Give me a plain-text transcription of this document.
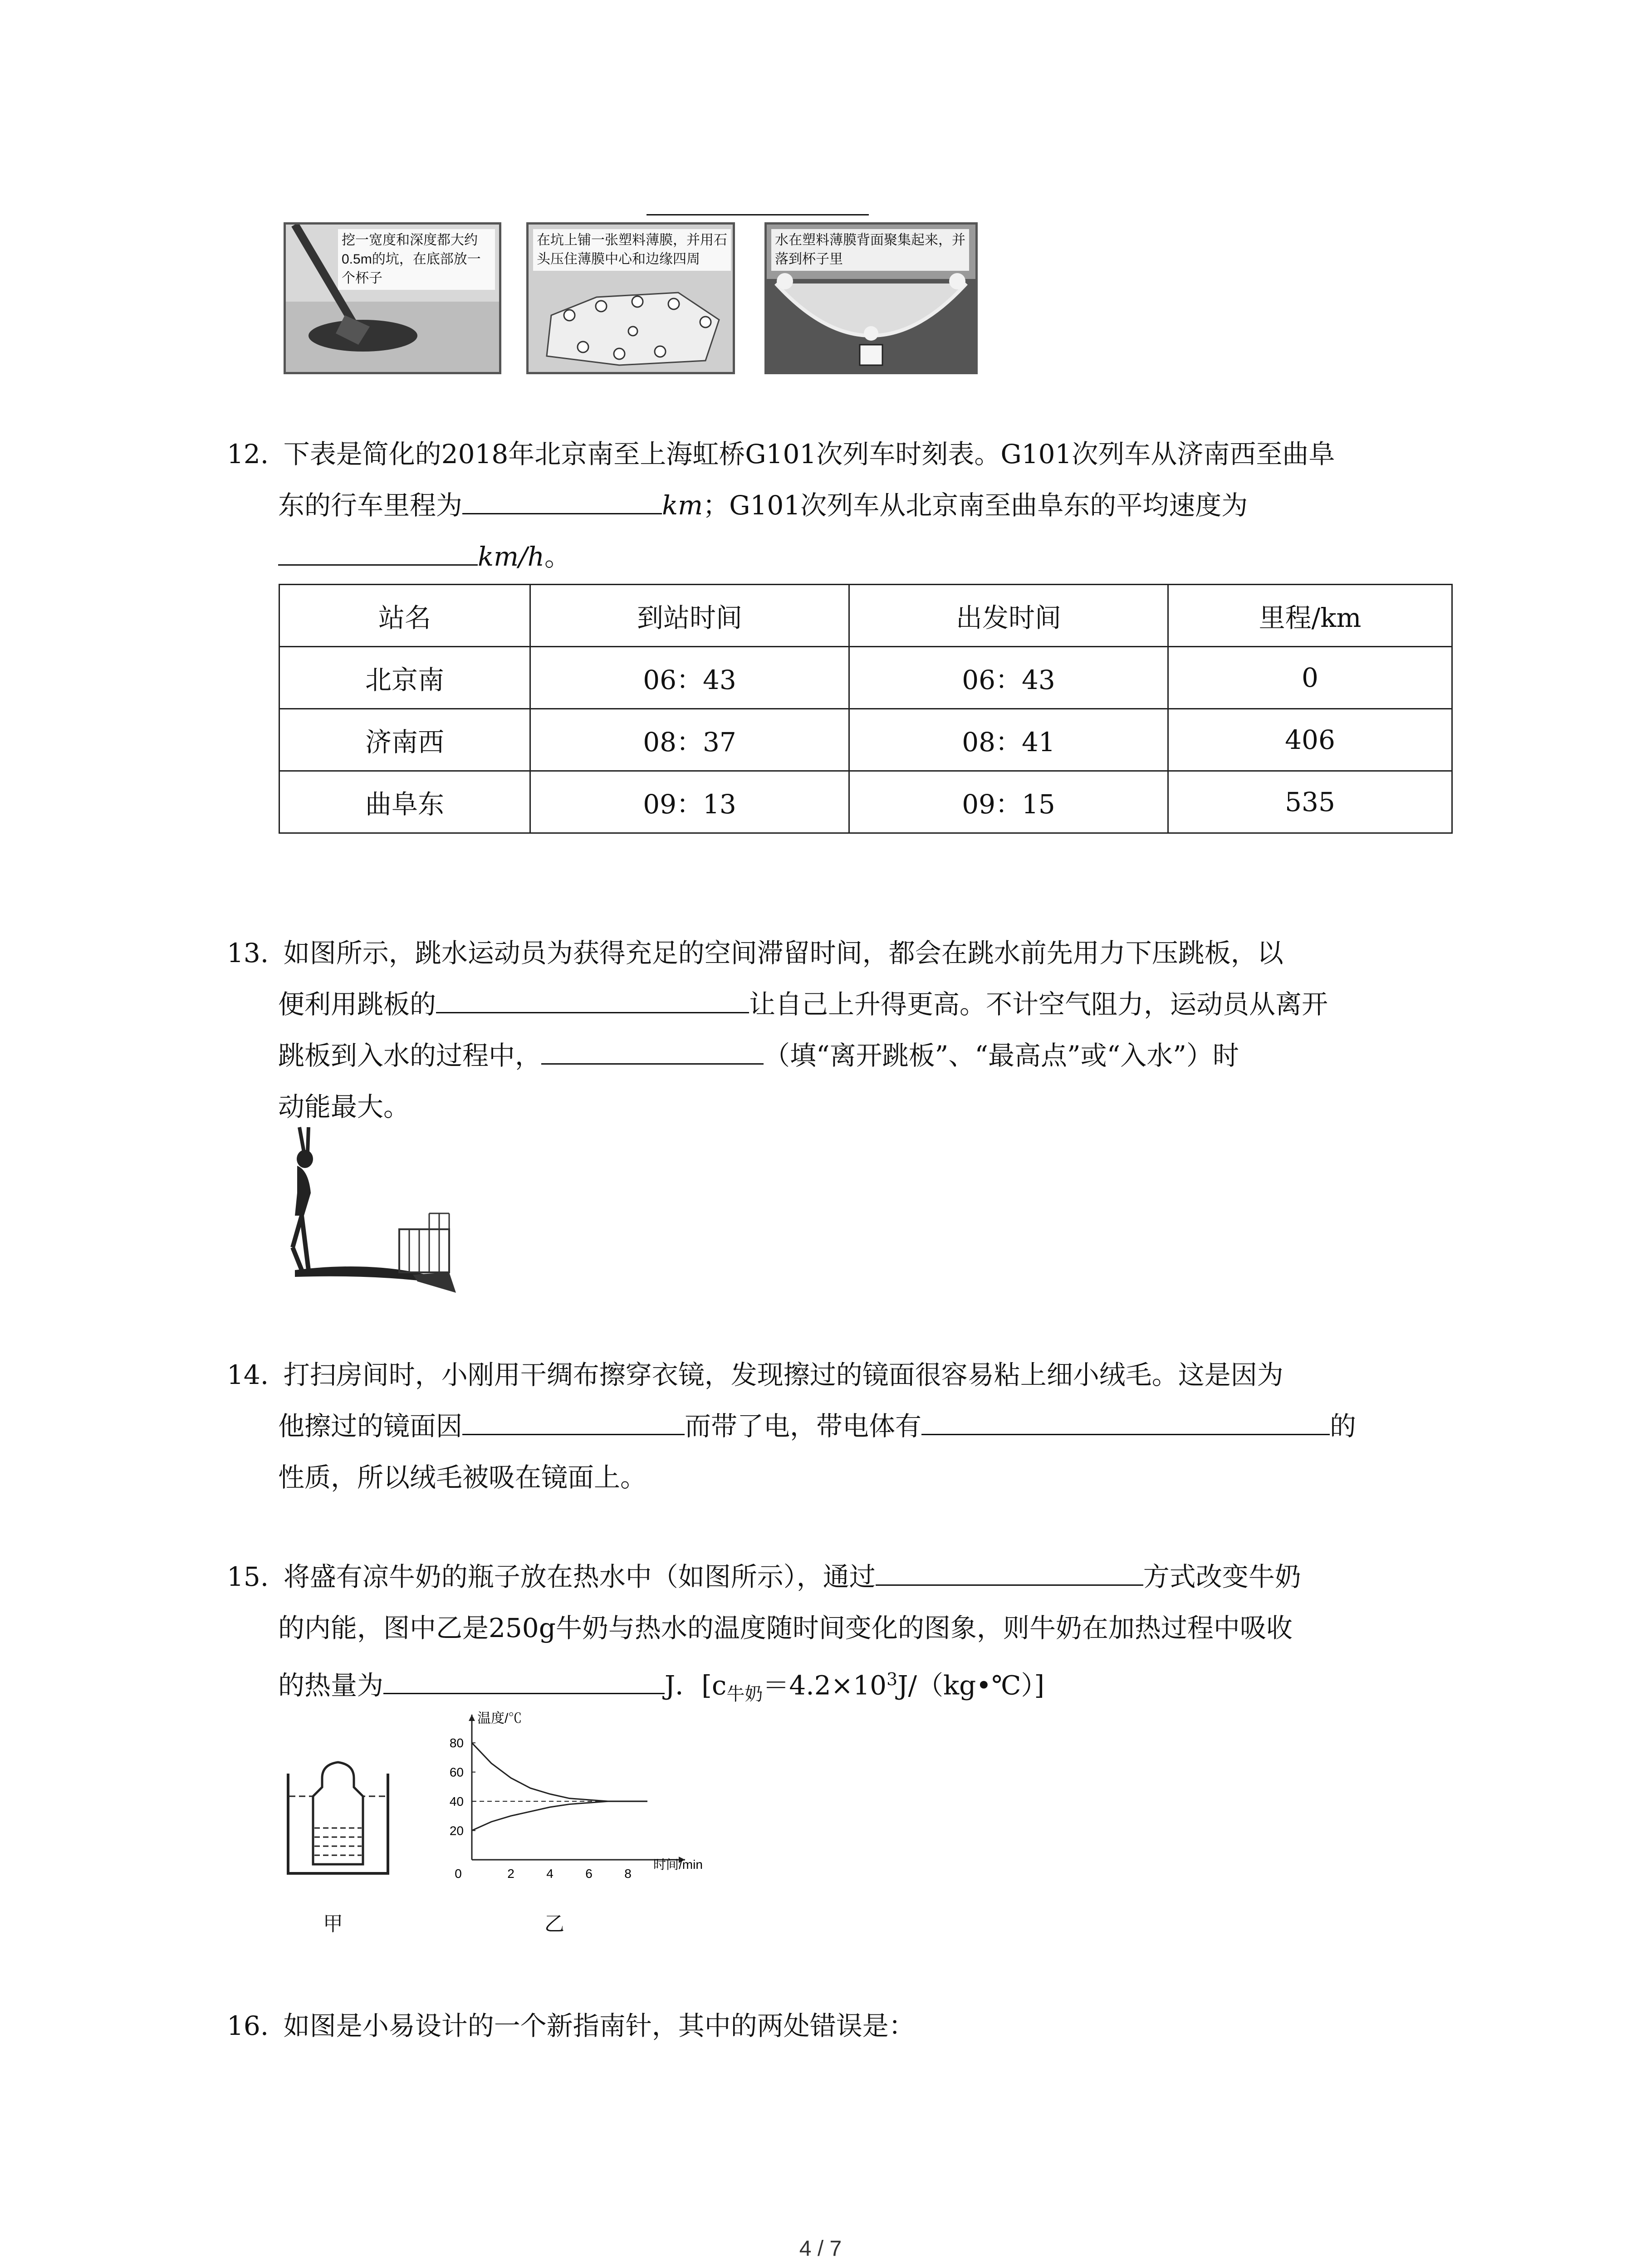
挖一宽度和深度都大约0.5m的坑，在底部放一个杯子
在坑上铺一张塑料薄膜，并用石头压住薄膜中心和边缘四周
水在塑料薄膜背面聚集起来，并落到杯子里
12. 下表是简化的2018年北京南至上海虹桥G101次列车时刻表。G101次列车从济南西至曲阜
东的行车里程为	km；G101次列车从北京南至曲阜东的平均速度为
km/h。
站名	到站时间	出发时间	里程/km
北京南	06：43	06：43	0
济南西	08：37	08：41	406
曲阜东	09：13	09：15	535
13. 如图所示，跳水运动员为获得充足的空间滞留时间，都会在跳水前先用力下压跳板，以
便利用跳板的	让自己上升得更高。不计空气阻力，运动员从离开
跳板到入水的过程中，	（填“离开跳板”、“最高点”或“入水”）时
动能最大。
14. 打扫房间时，小刚用干绸布擦穿衣镜，发现擦过的镜面很容易粘上细小绒毛。这是因为
他擦过的镜面因	而带了电，带电体有	的
性质，所以绒毛被吸在镜面上。
15. 将盛有凉牛奶的瓶子放在热水中（如图所示），通过	方式改变牛奶
的内能，图中乙是250g牛奶与热水的温度随时间变化的图象，则牛奶在加热过程中吸收
的热量为	J．$[c_{牛奶}=4.2\times 10^3J/(kg•℃)]$
甲
温度/℃
时间/min
20
40
60
80
0	2	4	6	8
乙
16. 如图是小易设计的一个新指南针，其中的两处错误是：
4 / 7
